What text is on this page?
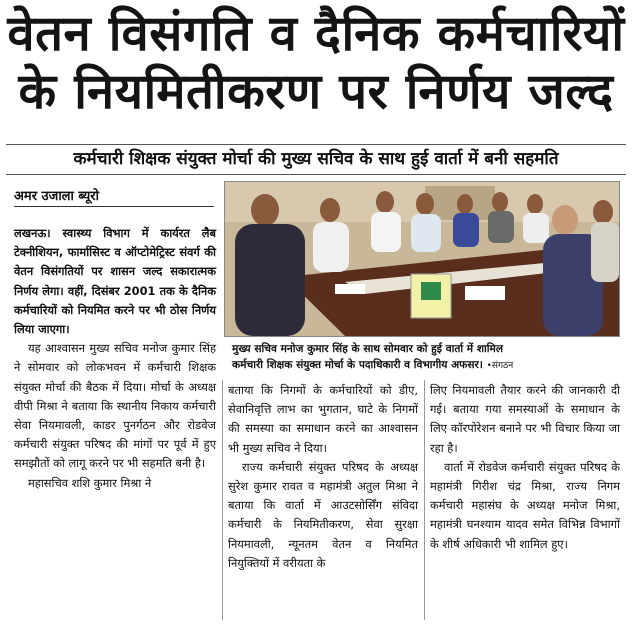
वेतन विसंगति व दैनिक कर्मचारियों
के नियमितीकरण पर निर्णय जल्द
कर्मचारी शिक्षक संयुक्त मोर्चा की मुख्य सचिव के साथ हुई वार्ता में बनी सहमति
अमर उजाला ब्यूरो
मुख्य सचिव मनोज कुमार सिंह के साथ सोमवार को हुई वार्ता में शामिल
कर्मचारी शिक्षक संयुक्त मोर्चा के पदाधिकारी व विभागीय अफसर। •संगठन

लखनऊ। स्वास्थ्य विभाग में कार्यरत लैब टेक्नीशियन, फार्मासिस्ट व ऑप्टोमेट्रिस्ट संवर्ग की वेतन विसंगतियों पर शासन जल्द सकारात्मक निर्णय लेगा। वहीं, दिसंबर 2001 तक के दैनिक कर्मचारियों को नियमित करने पर भी ठोस निर्णय लिया जाएगा।

यह आश्वासन मुख्य सचिव मनोज कुमार सिंह ने सोमवार को लोकभवन में कर्मचारी शिक्षक संयुक्त मोर्चा की बैठक में दिया। मोर्चा के अध्यक्ष वीपी मिश्रा ने बताया कि स्थानीय निकाय कर्मचारी सेवा नियमावली, काडर पुनर्गठन और रोडवेज कर्मचारी संयुक्त परिषद की मांगों पर पूर्व में हुए समझौतों को लागू करने पर भी सहमति बनी है।

महासचिव शशि कुमार मिश्रा ने

बताया कि निगमों के कर्मचारियों को डीए, सेवानिवृत्ति लाभ का भुगतान, घाटे के निगमों की समस्या का समाधान करने का आश्वासन भी मुख्य सचिव ने दिया।

राज्य कर्मचारी संयुक्त परिषद के अध्यक्ष सुरेश कुमार रावत व महामंत्री अतुल मिश्रा ने बताया कि वार्ता में आउटसोर्सिंग संविदा कर्मचारी के नियमितीकरण, सेवा सुरक्षा नियमावली, न्यूनतम वेतन व नियमित नियुक्तियों में वरीयता के

लिए नियमावली तैयार करने की जानकारी दी गई। बताया गया समस्याओं के समाधान के लिए कॉरपोरेशन बनाने पर भी विचार किया जा रहा है।

वार्ता में रोडवेज कर्मचारी संयुक्त परिषद के महामंत्री गिरीश चंद्र मिश्रा, राज्य निगम कर्मचारी महासंघ के अध्यक्ष मनोज मिश्रा, महामंत्री घनश्याम यादव समेत विभिन्न विभागों के शीर्ष अधिकारी भी शामिल हुए।
